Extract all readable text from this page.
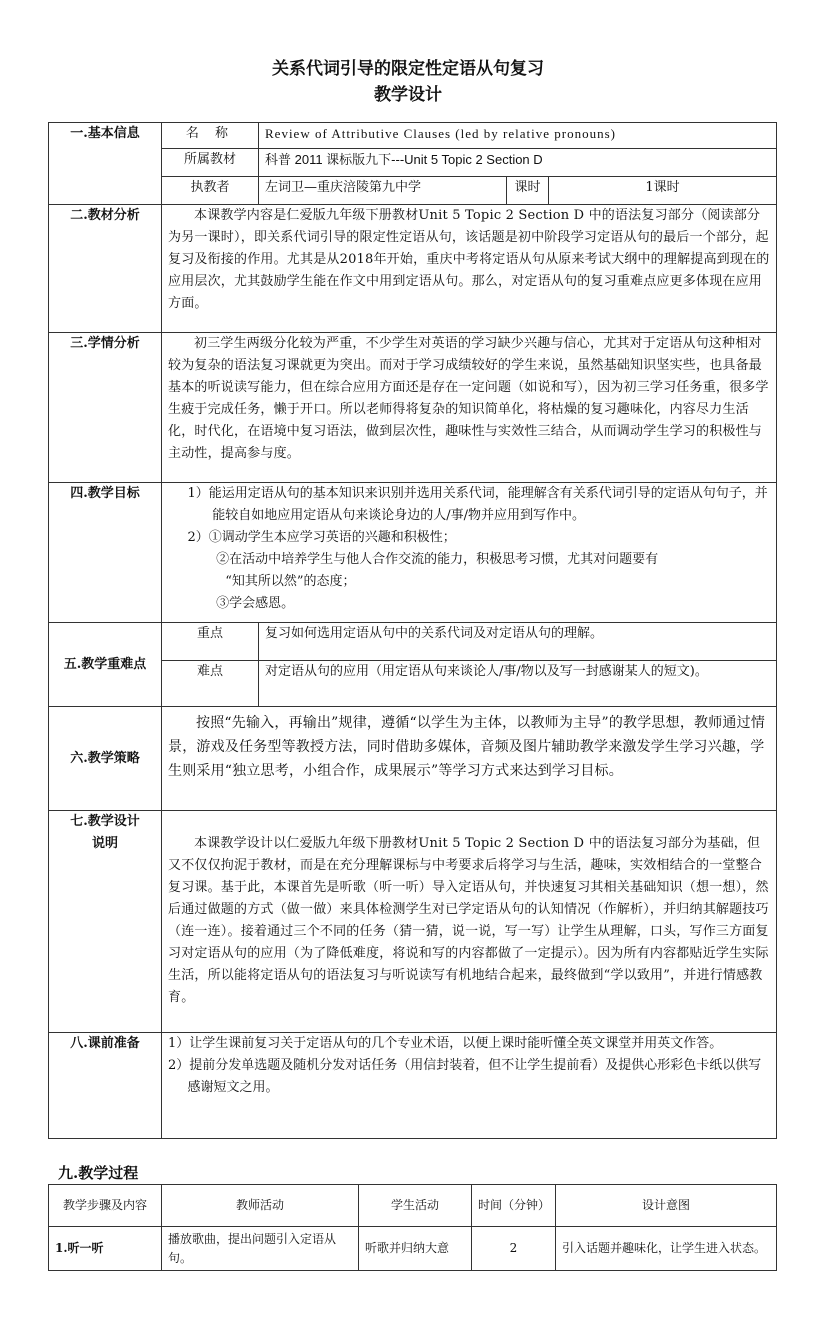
关系代词引导的限定性定语从句复习
教学设计
一.基本信息	名 称	Review of Attributive Clauses (led by relative pronouns)		
	所属教材	科普 2011 课标版九下---Unit 5 Topic 2 Section D		
	执教者	左词卫—重庆涪陵第九中学	课时	1课时
二.教材分析	本课教学内容是仁爱版九年级下册教材Unit 5 Topic 2 Section D 中的语法复习部分（阅读部分为另一课时），即关系代词引导的限定性定语从句，该话题是初中阶段学习定语从句的最后一个部分，起复习及衔接的作用。尤其是从2018年开始，重庆中考将定语从句从原来考试大纲中的理解提高到现在的应用层次，尤其鼓励学生能在作文中用到定语从句。那么，对定语从句的复习重难点应更多体现在应用方面。			

三.学情分析	初三学生两级分化较为严重，不少学生对英语的学习缺少兴趣与信心，尤其对于定语从句这种相对较为复杂的语法复习课就更为突出。而对于学习成绩较好的学生来说，虽然基础知识坚实些，也具备最基本的听说读写能力，但在综合应用方面还是存在一定问题（如说和写），因为初三学习任务重，很多学生疲于完成任务，懒于开口。所以老师得将复杂的知识简单化，将枯燥的复习趣味化，内容尽力生活化，时代化，在语境中复习语法，做到层次性，趣味性与实效性三结合，从而调动学生学习的积极性与主动性，提高参与度。			

四.教学目标	1）能运用定语从句的基本知识来识别并选用关系代词，能理解含有关系代词引导的定语从句句子，并能较自如地应用定语从句来谈论身边的人/事/物并应用到写作中。
2）①调动学生本应学习英语的兴趣和积极性；
②在活动中培养学生与他人合作交流的能力，积极思考习惯，尤其对问题要有
“知其所以然”的态度；
③学会感恩。			

五.教学重难点	重点	复习如何选用定语从句中的关系代词及对定语从句的理解。		
	难点	对定语从句的应用（用定语从句来谈论人/事/物以及写一封感谢某人的短文)。		
六.教学策略	按照“先输入，再输出”规律，遵循“以学生为主体，以教师为主导”的教学思想，教师通过情景，游戏及任务型等教授方法，同时借助多媒体，音频及图片辅助教学来激发学生学习兴趣，学生则采用“独立思考，小组合作，成果展示”等学习方式来达到学习目标。			

七.教学设计
说明	本课教学设计以仁爱版九年级下册教材Unit 5 Topic 2 Section D 中的语法复习部分为基础，但又不仅仅拘泥于教材，而是在充分理解课标与中考要求后将学习与生活，趣味，实效相结合的一堂整合复习课。基于此，本课首先是听歌（听一听）导入定语从句，并快速复习其相关基础知识（想一想），然后通过做题的方式（做一做）来具体检测学生对已学定语从句的认知情况（作解析），并归纳其解题技巧（连一连）。接着通过三个不同的任务（猜一猜，说一说，写一写）让学生从理解，口头，写作三方面复习对定语从句的应用（为了降低难度，将说和写的内容都做了一定提示）。因为所有内容都贴近学生实际生活，所以能将定语从句的语法复习与听说读写有机地结合起来，最终做到“学以致用”，并进行情感教育。			

八.课前准备	1）让学生课前复习关于定语从句的几个专业术语，以便上课时能听懂全英文课堂并用英文作答。
2）提前分发单选题及随机分发对话任务（用信封装着，但不让学生提前看）及提供心形彩色卡纸以供写感谢短文之用。			
九.教学过程
教学步骤及内容	教师活动	学生活动	时间（分钟）	设计意图
1.听一听	播放歌曲，提出问题引入定语从句。	听歌并归纳大意	2	引入话题并趣味化，让学生进入状态。
